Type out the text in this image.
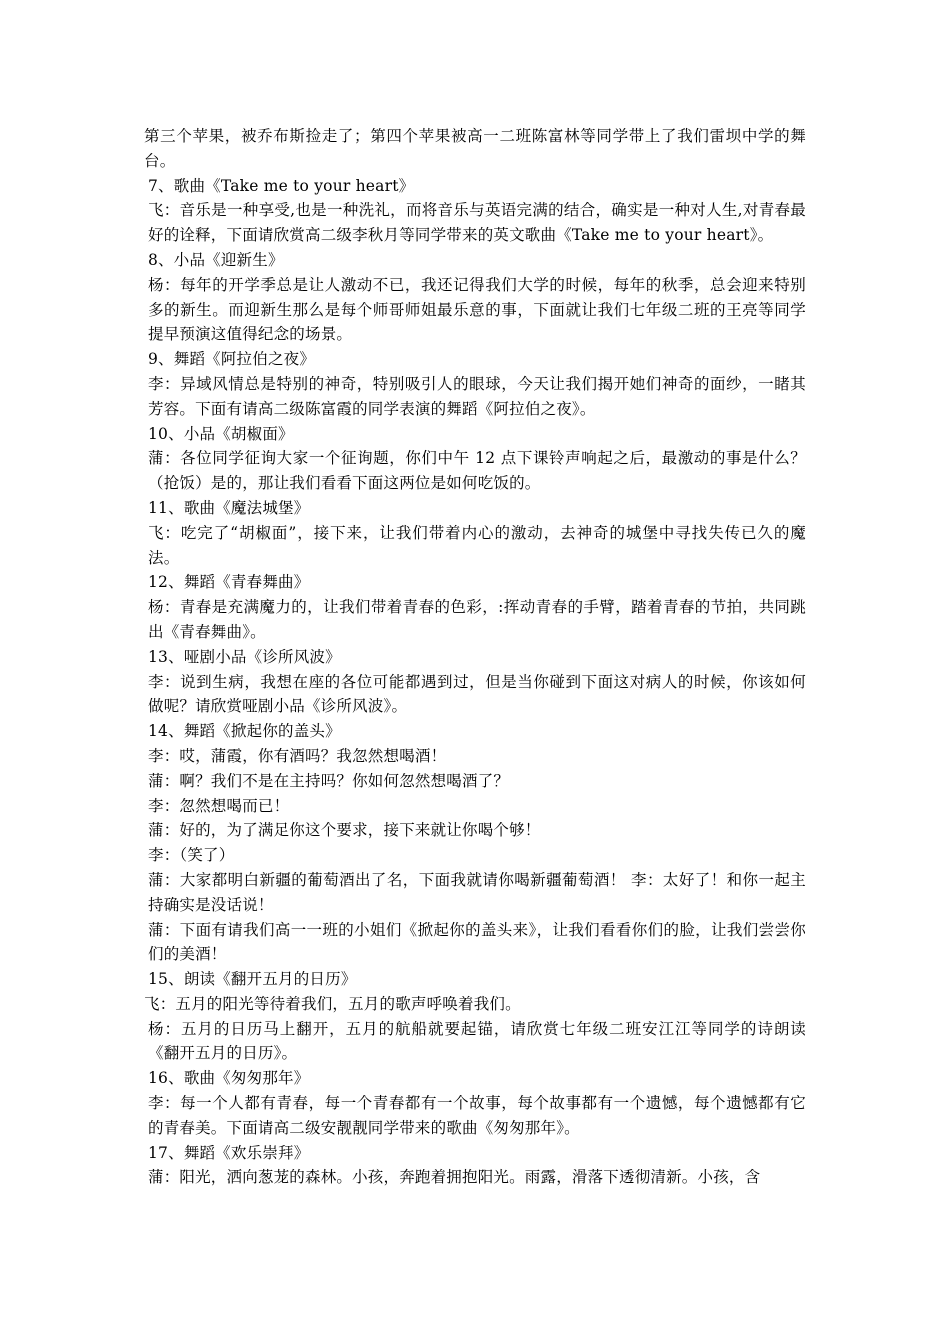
第三个苹果，被乔布斯捡走了；第四个苹果被高一二班陈富林等同学带上了我们雷坝中学的舞台。

7、歌曲《Take me to your heart》

飞：音乐是一种享受,也是一种洗礼，而将音乐与英语完满的结合，确实是一种对人生,对青春最好的诠释，下面请欣赏高二级李秋月等同学带来的英文歌曲《Take me to your heart》。

8、小品《迎新生》

杨：每年的开学季总是让人激动不已，我还记得我们大学的时候，每年的秋季，总会迎来特别多的新生。而迎新生那么是每个师哥师姐最乐意的事，下面就让我们七年级二班的王亮等同学提早预演这值得纪念的场景。

9、舞蹈《阿拉伯之夜》

李：异域风情总是特别的神奇，特别吸引人的眼球，今天让我们揭开她们神奇的面纱，一睹其芳容。下面有请高二级陈富霞的同学表演的舞蹈《阿拉伯之夜》。

10、小品《胡椒面》

蒲：各位同学征询大家一个征询题，你们中午 12 点下课铃声响起之后，最激动的事是什么？（抢饭）是的，那让我们看看下面这两位是如何吃饭的。

11、歌曲《魔法城堡》

飞：吃完了“胡椒面”，接下来，让我们带着内心的激动，去神奇的城堡中寻找失传已久的魔法。

12、舞蹈《青春舞曲》

杨：青春是充满魔力的，让我们带着青春的色彩，:挥动青春的手臂，踏着青春的节拍，共同跳出《青春舞曲》。

13、哑剧小品《诊所风波》

李：说到生病，我想在座的各位可能都遇到过，但是当你碰到下面这对病人的时候，你该如何做呢？请欣赏哑剧小品《诊所风波》。

14、舞蹈《掀起你的盖头》

李：哎，蒲霞，你有酒吗？我忽然想喝酒！

蒲：啊？我们不是在主持吗？你如何忽然想喝酒了？

李：忽然想喝而已！

蒲：好的，为了满足你这个要求，接下来就让你喝个够！

李：（笑了）

蒲：大家都明白新疆的葡萄酒出了名，下面我就请你喝新疆葡萄酒！ 李：太好了！和你一起主持确实是没话说！

蒲：下面有请我们高一一班的小姐们《掀起你的盖头来》，让我们看看你们的脸，让我们尝尝你们的美酒！

15、朗读《翻开五月的日历》

飞：五月的阳光等待着我们，五月的歌声呼唤着我们。

杨：五月的日历马上翻开，五月的航船就要起锚，请欣赏七年级二班安江江等同学的诗朗读《翻开五月的日历》。

16、歌曲《匆匆那年》

李：每一个人都有青春，每一个青春都有一个故事，每个故事都有一个遗憾，每个遗憾都有它的青春美。下面请高二级安靓靓同学带来的歌曲《匆匆那年》。

17、舞蹈《欢乐崇拜》

蒲：阳光，洒向葱茏的森林。小孩，奔跑着拥抱阳光。雨露，滑落下透彻清新。小孩，含
